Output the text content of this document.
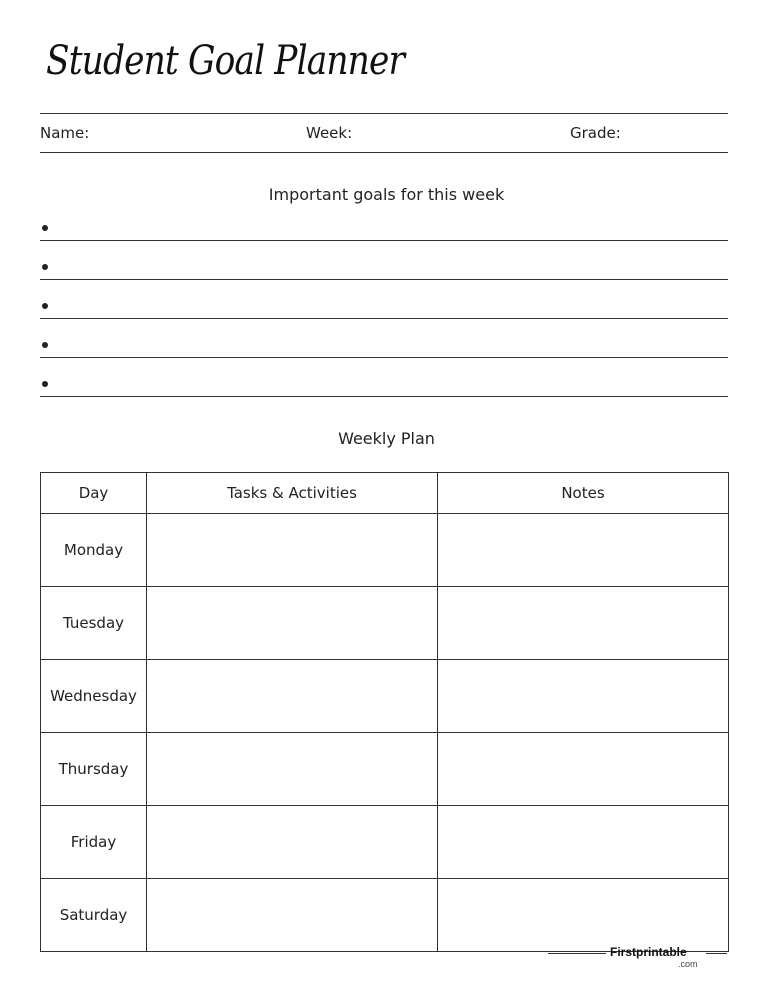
Student Goal Planner
Name:	Week:	Grade:
Important goals for this week
Weekly Plan
Day	Tasks & Activities	Notes
Monday		
Tuesday		
Wednesday		
Thursday		
Friday		
Saturday		
Firstprintable
.com
